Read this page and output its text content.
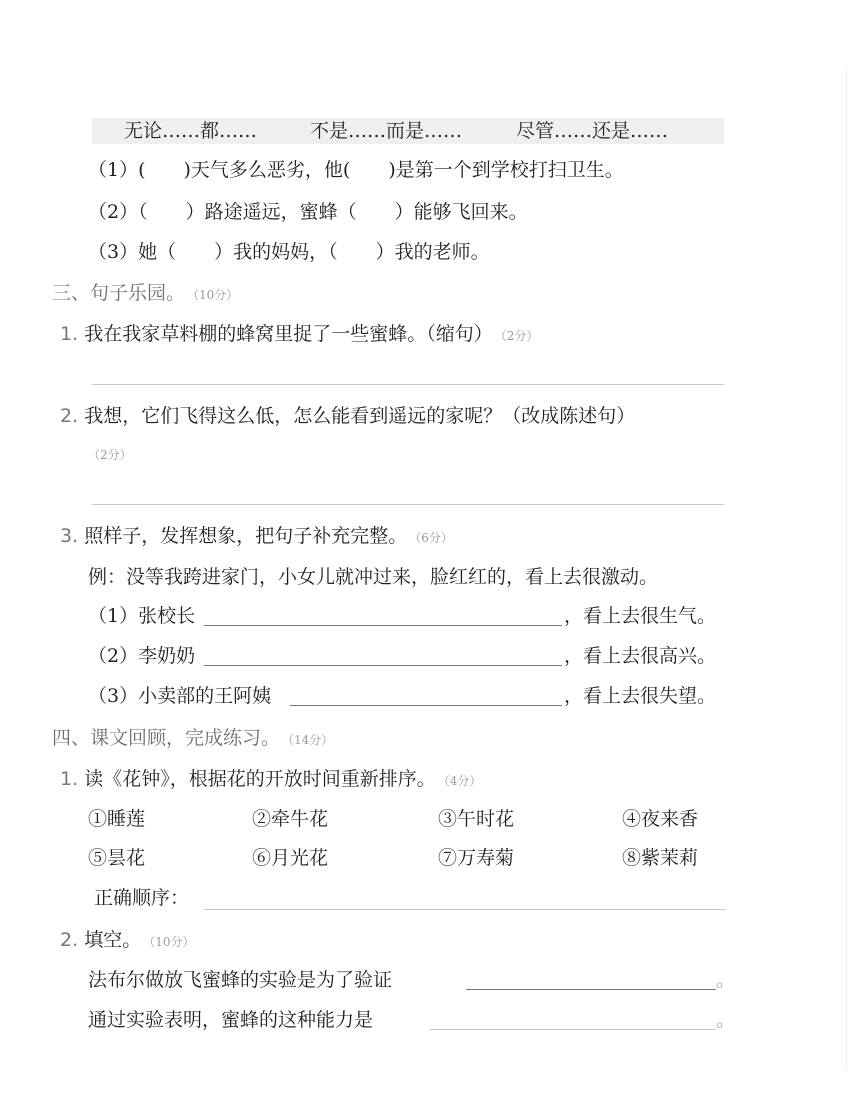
无论……都……	不是……而是……	尽管……还是……
（1）(　　)天气多么恶劣，他(　　)是第一个到学校打扫卫生。
（2）（　　）路途遥远，蜜蜂（　　）能够飞回来。
（3）她（　　）我的妈妈，（　　）我的老师。
三、句子乐园。 （10分）
1. 我在我家草料棚的蜂窝里捉了一些蜜蜂。（缩句） （2分）
2. 我想，它们飞得这么低，怎么能看到遥远的家呢？（改成陈述句）
（2分）
3. 照样子，发挥想象，把句子补充完整。 （6分）
例：没等我跨进家门，小女儿就冲过来，脸红红的，看上去很激动。
（1）张校长	，看上去很生气。
（2）李奶奶	，看上去很高兴。
（3）小卖部的王阿姨	，看上去很失望。
四、课文回顾，完成练习。 （14分）
1. 读《花钟》，根据花的开放时间重新排序。 （4分）
①睡莲	②牵牛花	③午时花	④夜来香
⑤昙花	⑥月光花	⑦万寿菊	⑧紫茉莉
正确顺序：
2. 填空。 （10分）
法布尔做放飞蜜蜂的实验是为了验证	。
通过实验表明，蜜蜂的这种能力是	。
